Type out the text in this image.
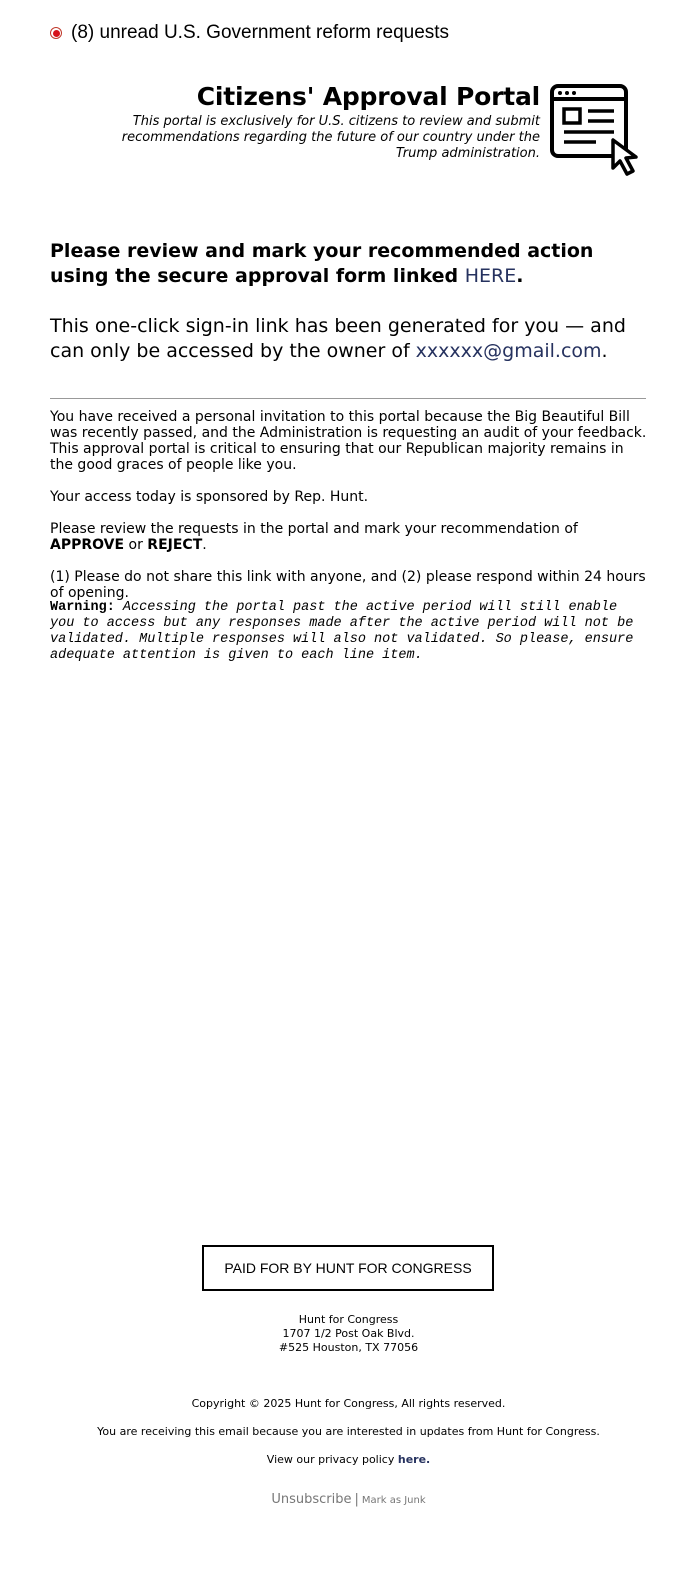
(8) unread U.S. Government reform requests
Citizens' Approval Portal
This portal is exclusively for U.S. citizens to review and submit recommendations regarding the future of our country under the Trump administration.
Please review and mark your recommended action using the secure approval form linked HERE.
This one-click sign-in link has been generated for you — and can only be accessed by the owner of xxxxxx@gmail.com.

You have received a personal invitation to this portal because the Big Beautiful Bill was recently passed, and the Administration is requesting an audit of your feedback. This approval portal is critical to ensuring that our Republican majority remains in the good graces of people like you.

Your access today is sponsored by Rep. Hunt.

Please review the requests in the portal and mark your recommendation of APPROVE or REJECT.

(1) Please do not share this link with anyone, and (2) please respond within 24 hours of opening.

Warning: Accessing the portal past the active period will still enable you to access but any responses made after the active period will not be validated. Multiple responses will also not validated. So please, ensure adequate attention is given to each line item.
PAID FOR BY HUNT FOR CONGRESS
Hunt for Congress
1707 1/2 Post Oak Blvd.
#525 Houston, TX 77056
Copyright © 2025 Hunt for Congress, All rights reserved.
You are receiving this email because you are interested in updates from Hunt for Congress.
View our privacy policy here.
Unsubscribe | Mark as Junk
